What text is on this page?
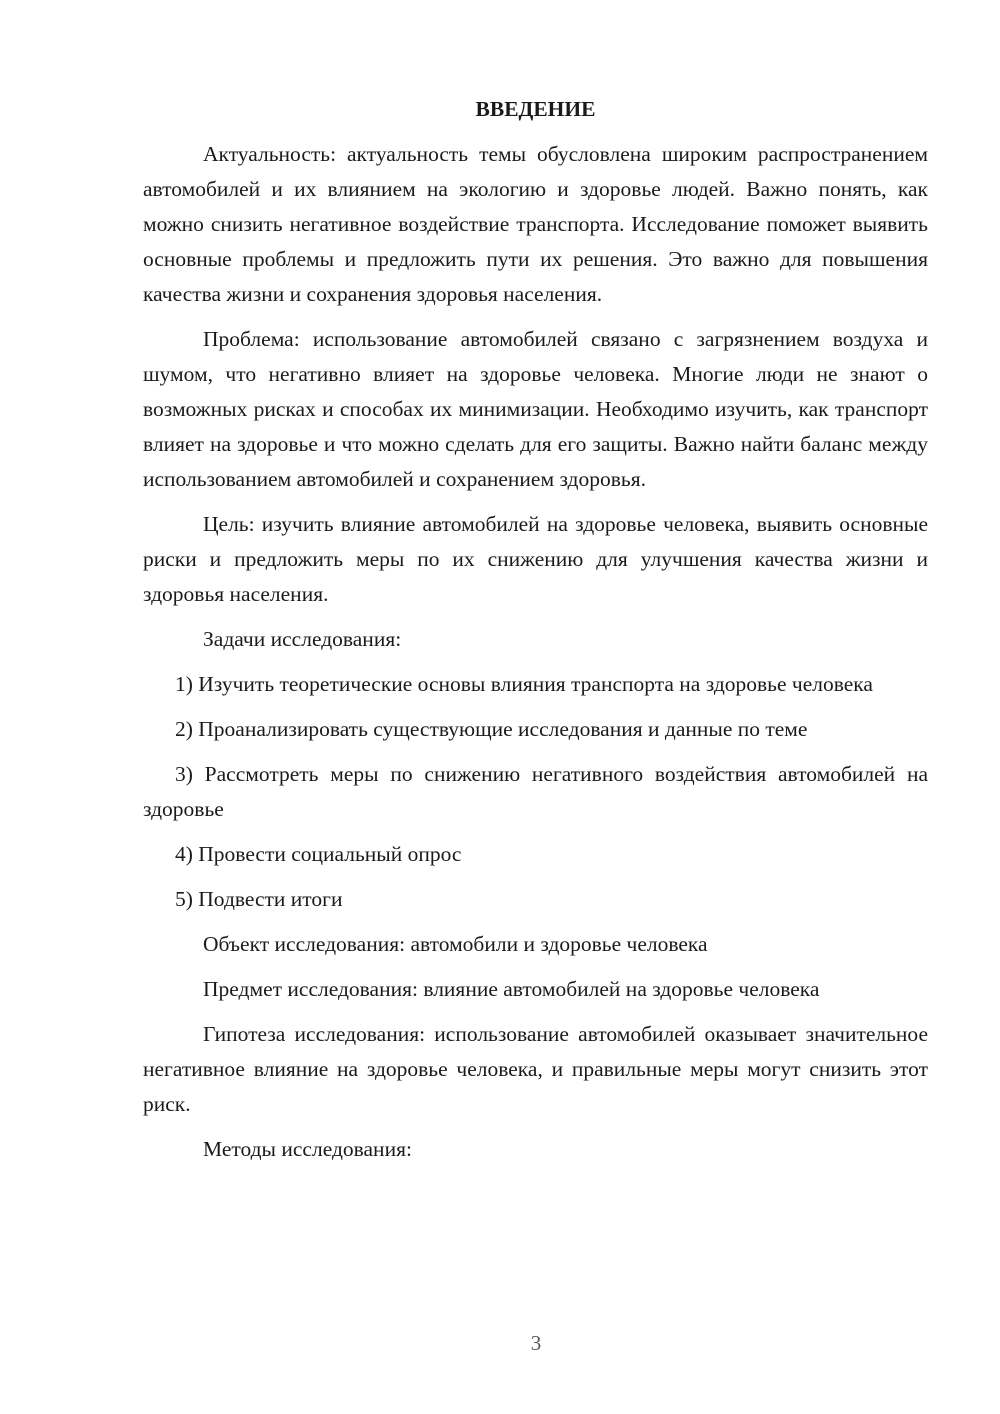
ВВЕДЕНИЕ

Актуальность: актуальность темы обусловлена широким распространением автомобилей и их влиянием на экологию и здоровье людей. Важно понять, как можно снизить негативное воздействие транспорта. Исследование поможет выявить основные проблемы и предложить пути их решения. Это важно для повышения качества жизни и сохранения здоровья населения.

Проблема: использование автомобилей связано с загрязнением воздуха и шумом, что негативно влияет на здоровье человека. Многие люди не знают о возможных рисках и способах их минимизации. Необходимо изучить, как транспорт влияет на здоровье и что можно сделать для его защиты. Важно найти баланс между использованием автомобилей и сохранением здоровья.

Цель: изучить влияние автомобилей на здоровье человека, выявить основные риски и предложить меры по их снижению для улучшения качества жизни и здоровья населения.

Задачи исследования:

1) Изучить теоретические основы влияния транспорта на здоровье человека

2) Проанализировать существующие исследования и данные по теме

3) Рассмотреть меры по снижению негативного воздействия автомобилей на здоровье

4) Провести социальный опрос

5) Подвести итоги

Объект исследования: автомобили и здоровье человека

Предмет исследования: влияние автомобилей на здоровье человека

Гипотеза исследования: использование автомобилей оказывает значительное негативное влияние на здоровье человека, и правильные меры могут снизить этот риск.

Методы исследования:

3
